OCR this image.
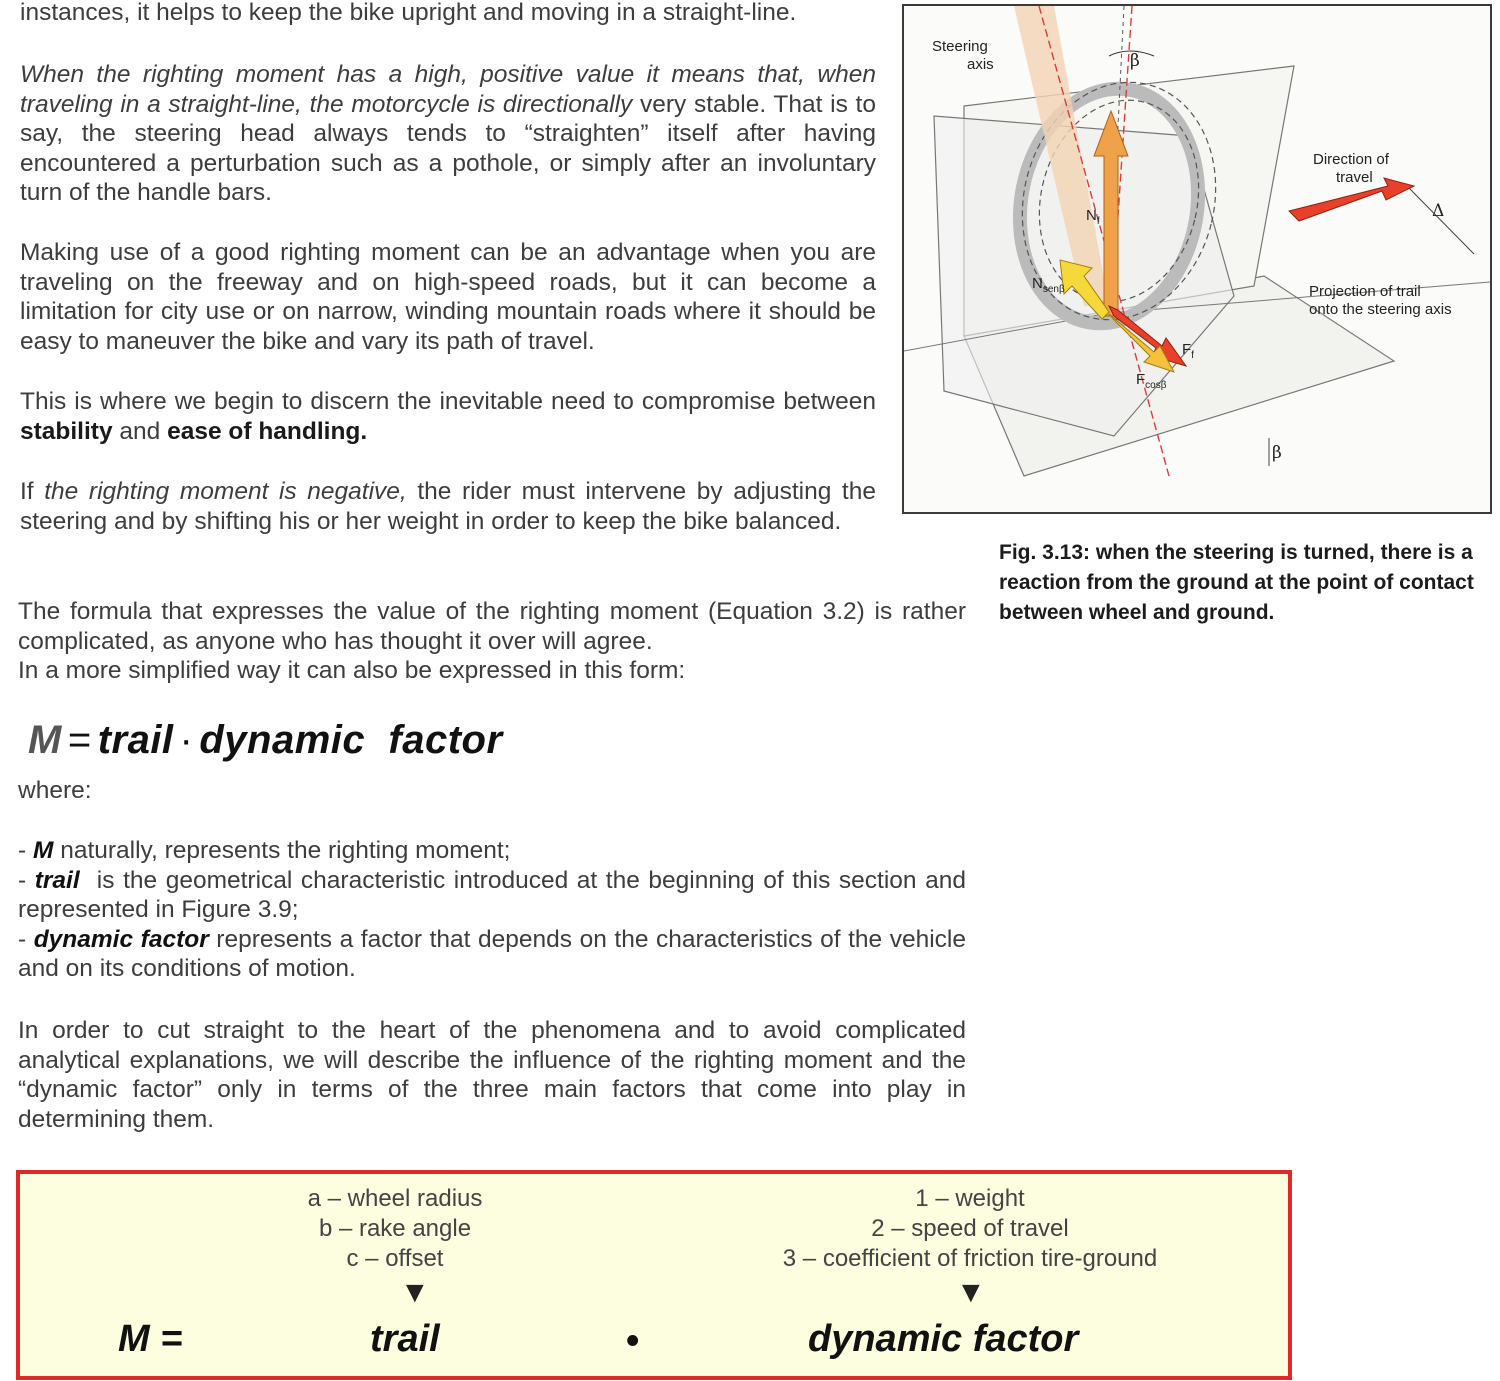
instances, it helps to keep the bike upright and moving in a straight-line.

When the righting moment has a high, positive value it means that, when traveling in a straight-line, the motorcycle is directionally very stable. That is to say, the steering head always tends to “straighten” itself after having encountered a perturbation such as a pothole, or simply after an involuntary turn of the handle bars.

Making use of a good righting moment can be an advantage when you are traveling on the freeway and on high-speed roads, but it can become a limitation for city use or on narrow, winding mountain roads where it should be easy to maneuver the bike and vary its path of travel.

This is where we begin to discern the inevitable need to compromise between stability and ease of handling.

If the righting moment is negative, the rider must intervene by adjusting the steering and by shifting his or her weight in order to keep the bike balanced.

The formula that expresses the value of the righting moment (Equation 3.2) is rather complicated, as anyone who has thought it over will agree.

In a more simplified way it can also be expressed in this form:

M = trail · dynamic  factor

where:

- M naturally, represents the righting moment;

- trail  is the geometrical characteristic introduced at the beginning of this section and represented in Figure 3.9;

- dynamic factor represents a factor that depends on the characteristics of the vehicle and on its conditions of motion.

In order to cut straight to the heart of the phenomena and to avoid complicated analytical explanations, we will describe the influence of the righting moment and the “dynamic factor” only in terms of the three main factors that come into play in determining them.

Steering
axis	β
Direction of
travel
Δ
Projection of trail
onto the steering axis
$N_f$
$N_{sen\beta}$
$F_f$
$F_{cos\beta}$
β
Fig. 3.13: when the steering is turned, there is a reaction from the ground at the point of contact between wheel and ground.
a – wheel radius
b – rake angle
c – offset
1 – weight
2 – speed of travel
3 – coefficient of friction tire-ground
▼	▼
M =	trail	•	dynamic factor
